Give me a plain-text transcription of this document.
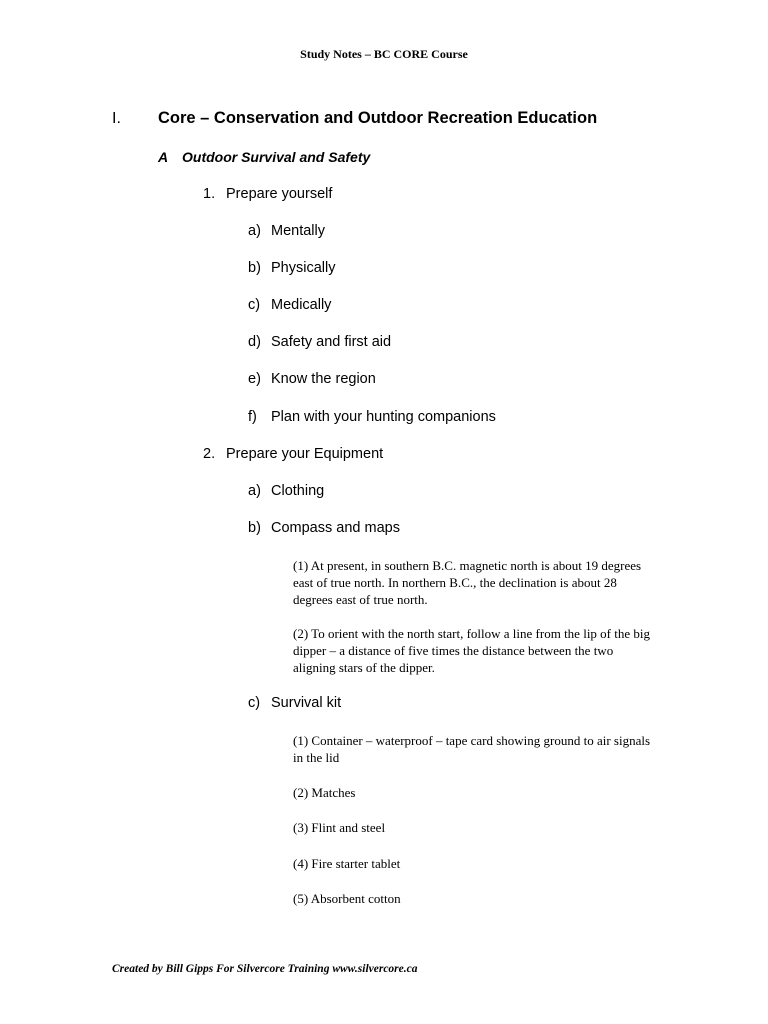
Study Notes – BC CORE Course
I. Core – Conservation and Outdoor Recreation Education
A Outdoor Survival and Safety
1. Prepare yourself
a) Mentally
b) Physically
c) Medically
d) Safety and first aid
e) Know the region
f) Plan with your hunting companions
2. Prepare your Equipment
a) Clothing
b) Compass and maps
(1) At present, in southern B.C. magnetic north is about 19 degrees east of true north. In northern B.C., the declination is about 28 degrees east of true north.
(2) To orient with the north start, follow a line from the lip of the big dipper – a distance of five times the distance between the two aligning stars of the dipper.
c) Survival kit
(1) Container – waterproof – tape card showing ground to air signals in the lid
(2) Matches
(3) Flint and steel
(4) Fire starter tablet
(5) Absorbent cotton
Created by Bill Gipps For Silvercore Training www.silvercore.ca
